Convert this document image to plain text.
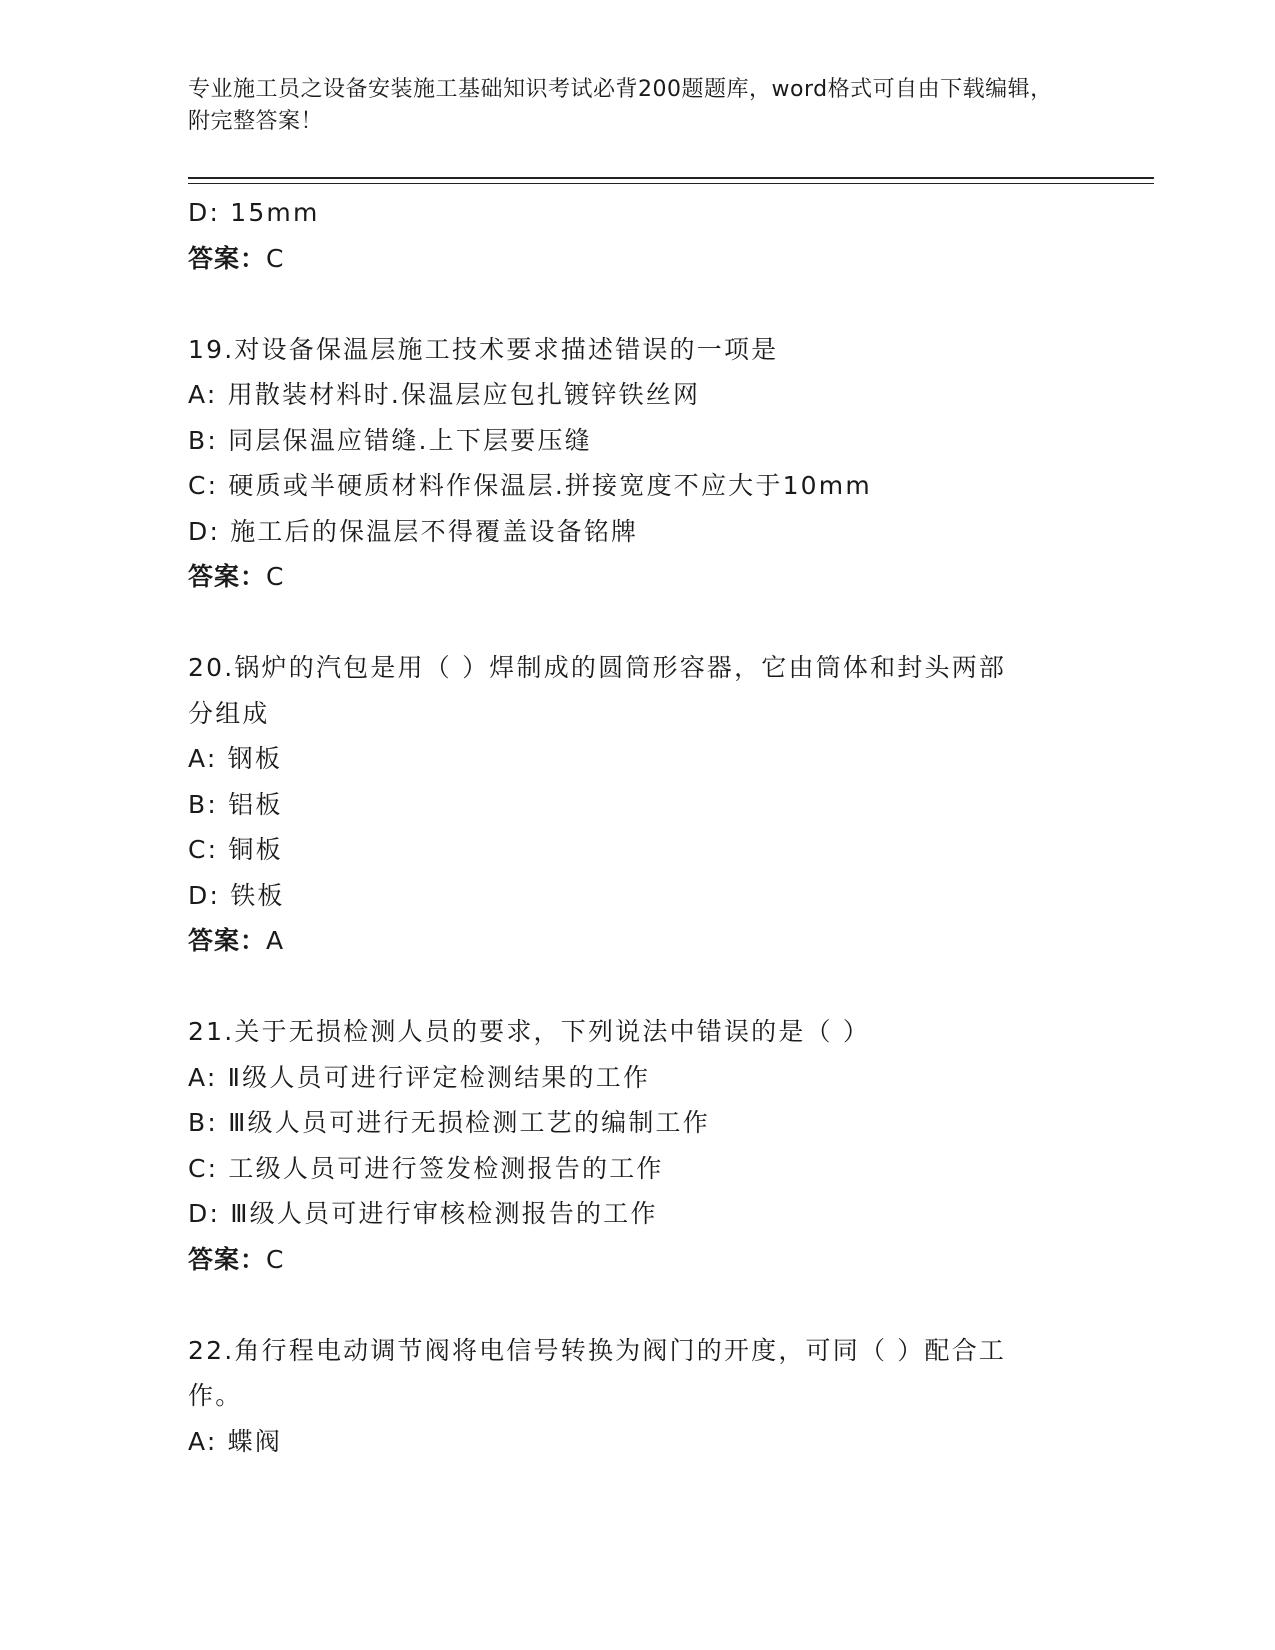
专业施工员之设备安装施工基础知识考试必背200题题库，word格式可自由下载编辑，附完整答案！
D: 15mm
答案：C
19.对设备保温层施工技术要求描述错误的一项是
A: 用散装材料时.保温层应包扎镀锌铁丝网
B: 同层保温应错缝.上下层要压缝
C: 硬质或半硬质材料作保温层.拼接宽度不应大于10mm
D: 施工后的保温层不得覆盖设备铭牌
答案：C
20.锅炉的汽包是用（ ）焊制成的圆筒形容器，它由筒体和封头两部分组成
A: 钢板
B: 铝板
C: 铜板
D: 铁板
答案：A
21.关于无损检测人员的要求，下列说法中错误的是（ ）
A: Ⅱ级人员可进行评定检测结果的工作
B: Ⅲ级人员可进行无损检测工艺的编制工作
C: 工级人员可进行签发检测报告的工作
D: Ⅲ级人员可进行审核检测报告的工作
答案：C
22.角行程电动调节阀将电信号转换为阀门的开度，可同（ ）配合工作。
A: 蝶阀
